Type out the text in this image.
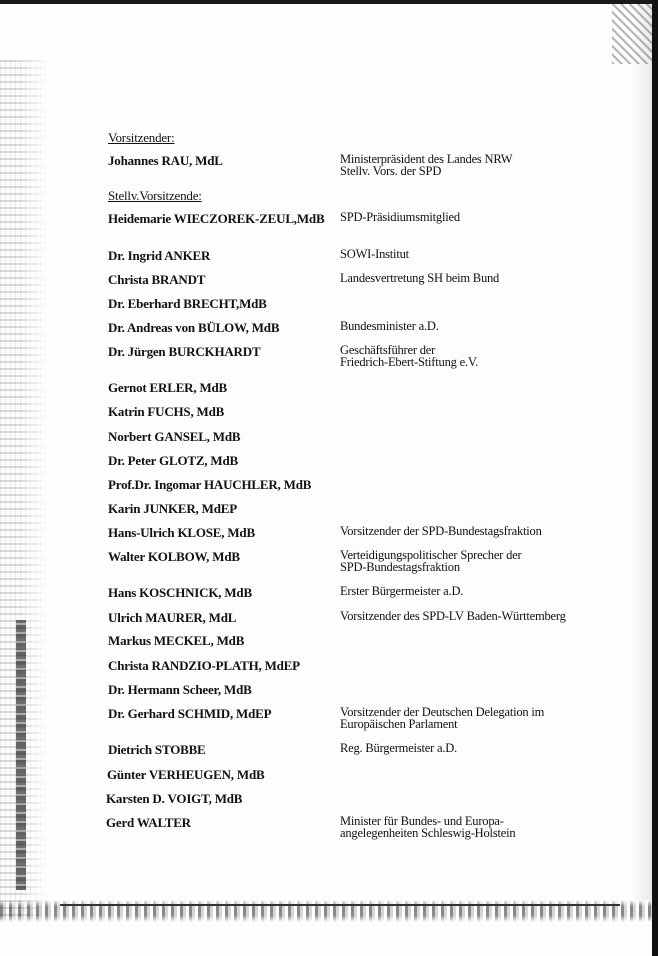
Vorsitzender:
Stellv.Vorsitzende:
Johannes RAU, MdL	Ministerpräsident des Landes NRW
Stellv. Vors. der SPD
Heidemarie WIECZOREK-ZEUL,MdB SPD-Präsidiumsmitglied
Dr. Ingrid ANKER	SOWI-Institut
Christa BRANDT	Landesvertretung SH beim Bund
Dr. Eberhard BRECHT,MdB
Dr. Andreas von BÜLOW, MdB	Bundesminister a.D.
Dr. Jürgen BURCKHARDT	Geschäftsführer der
Friedrich-Ebert-Stiftung e.V.
Gernot ERLER, MdB
Katrin FUCHS, MdB
Norbert GANSEL, MdB
Dr. Peter GLOTZ, MdB
Prof.Dr. Ingomar HAUCHLER, MdB
Karin JUNKER, MdEP
Hans-Ulrich KLOSE, MdB	Vorsitzender der SPD-Bundestagsfraktion
Walter KOLBOW, MdB	Verteidigungspolitischer Sprecher der
SPD-Bundestagsfraktion
Hans KOSCHNICK, MdB	Erster Bürgermeister a.D.
Ulrich MAURER, MdL	Vorsitzender des SPD-LV Baden-Württemberg
Markus MECKEL, MdB
Christa RANDZIO-PLATH, MdEP
Dr. Hermann Scheer, MdB
Dr. Gerhard SCHMID, MdEP	Vorsitzender der Deutschen Delegation im
Europäischen Parlament
Dietrich STOBBE	Reg. Bürgermeister a.D.
Günter VERHEUGEN, MdB
Karsten D. VOIGT, MdB
Gerd WALTER	Minister für Bundes- und Europa-
angelegenheiten Schleswig-Holstein
